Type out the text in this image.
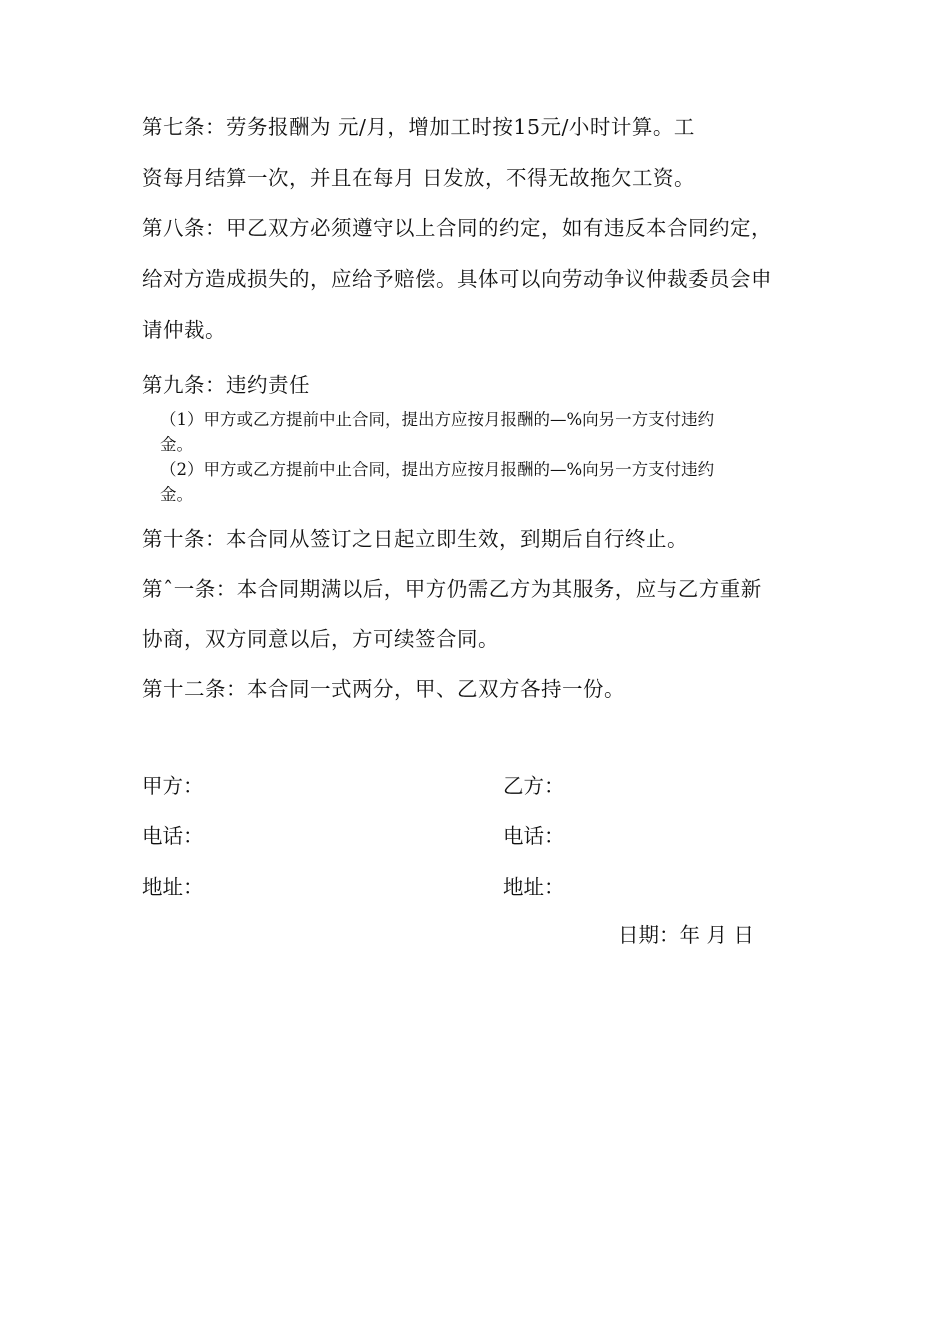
第七条：劳务报酬为 元/月，增加工时按15元/小时计算。工
资每月结算一次，并且在每月 日发放，不得无故拖欠工资。
第八条：甲乙双方必须遵守以上合同的约定，如有违反本合同约定，
给对方造成损失的，应给予赔偿。具体可以向劳动争议仲裁委员会申
请仲裁。
第九条：违约责任
（1）甲方或乙方提前中止合同，提出方应按月报酬的—%向另一方支付违约
金。
（2）甲方或乙方提前中止合同，提出方应按月报酬的—%向另一方支付违约
金。
第十条：本合同从签订之日起立即生效，到期后自行终止。
第ˆ一条：本合同期满以后，甲方仍需乙方为其服务，应与乙方重新
协商，双方同意以后，方可续签合同。
第十二条：本合同一式两分，甲、乙双方各持一份。
甲方：	乙方：
电话：	电话：
地址：	地址：
日期：年 月 日
